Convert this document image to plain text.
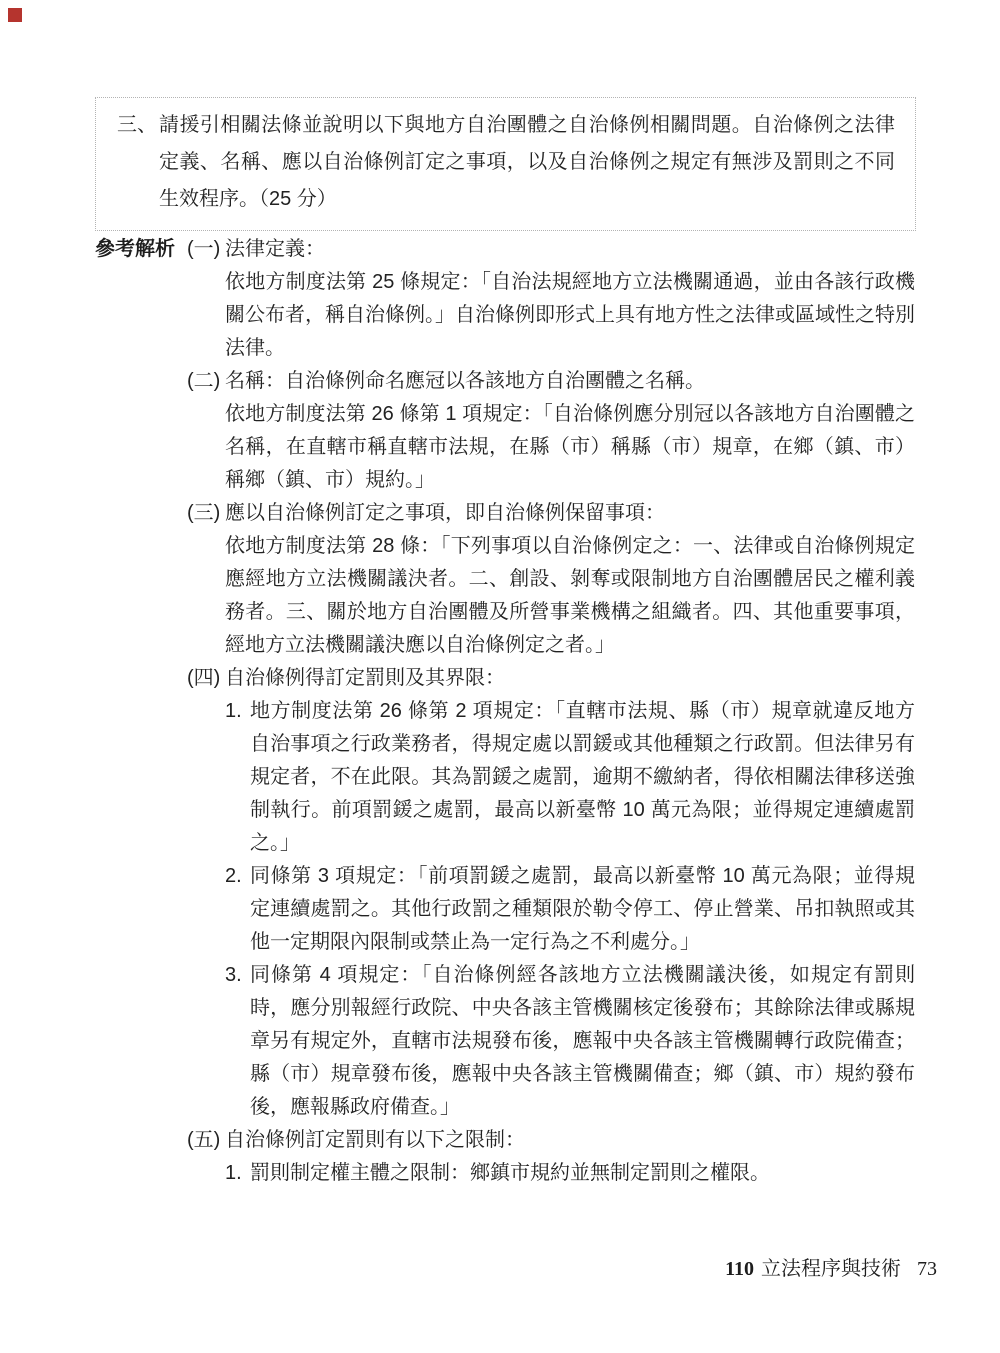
三、 請援引相關法條並說明以下與地方自治團體之自治條例相關問題。自治條例之法律定義、名稱、應以自治條例訂定之事項，以及自治條例之規定有無涉及罰則之不同生效程序。（25 分）
參考解析 (一) 法律定義：

依地方制度法第 25 條規定：「自治法規經地方立法機關通過，並由各該行政機關公布者，稱自治條例。」自治條例即形式上具有地方性之法律或區域性之特別法律。

(二) 名稱：自治條例命名應冠以各該地方自治團體之名稱。

依地方制度法第 26 條第 1 項規定：「自治條例應分別冠以各該地方自治團體之名稱，在直轄市稱直轄市法規，在縣（市）稱縣（市）規章，在鄉（鎮、市）稱鄉（鎮、市）規約。」

(三) 應以自治條例訂定之事項，即自治條例保留事項：

依地方制度法第 28 條：「下列事項以自治條例定之：一、法律或自治條例規定應經地方立法機關議決者。二、創設、剝奪或限制地方自治團體居民之權利義務者。三、關於地方自治團體及所營事業機構之組織者。四、其他重要事項，經地方立法機關議決應以自治條例定之者。」

(四) 自治條例得訂定罰則及其界限：
1. 地方制度法第 26 條第 2 項規定：「直轄市法規、縣（市）規章就違反地方自治事項之行政業務者，得規定處以罰鍰或其他種類之行政罰。但法律另有規定者，不在此限。其為罰鍰之處罰，逾期不繳納者，得依相關法律移送強制執行。前項罰鍰之處罰，最高以新臺幣 10 萬元為限；並得規定連續處罰之。」
2. 同條第 3 項規定：「前項罰鍰之處罰，最高以新臺幣 10 萬元為限；並得規定連續處罰之。其他行政罰之種類限於勒令停工、停止營業、吊扣執照或其他一定期限內限制或禁止為一定行為之不利處分。」
3. 同條第 4 項規定：「自治條例經各該地方立法機關議決後，如規定有罰則時，應分別報經行政院、中央各該主管機關核定後發布；其餘除法律或縣規章另有規定外，直轄市法規發布後，應報中央各該主管機關轉行政院備查；縣（市）規章發布後，應報中央各該主管機關備查；鄉（鎮、市）規約發布後，應報縣政府備查。」
(五) 自治條例訂定罰則有以下之限制：
1. 罰則制定權主體之限制：鄉鎮市規約並無制定罰則之權限。
110 立法程序與技術 73
